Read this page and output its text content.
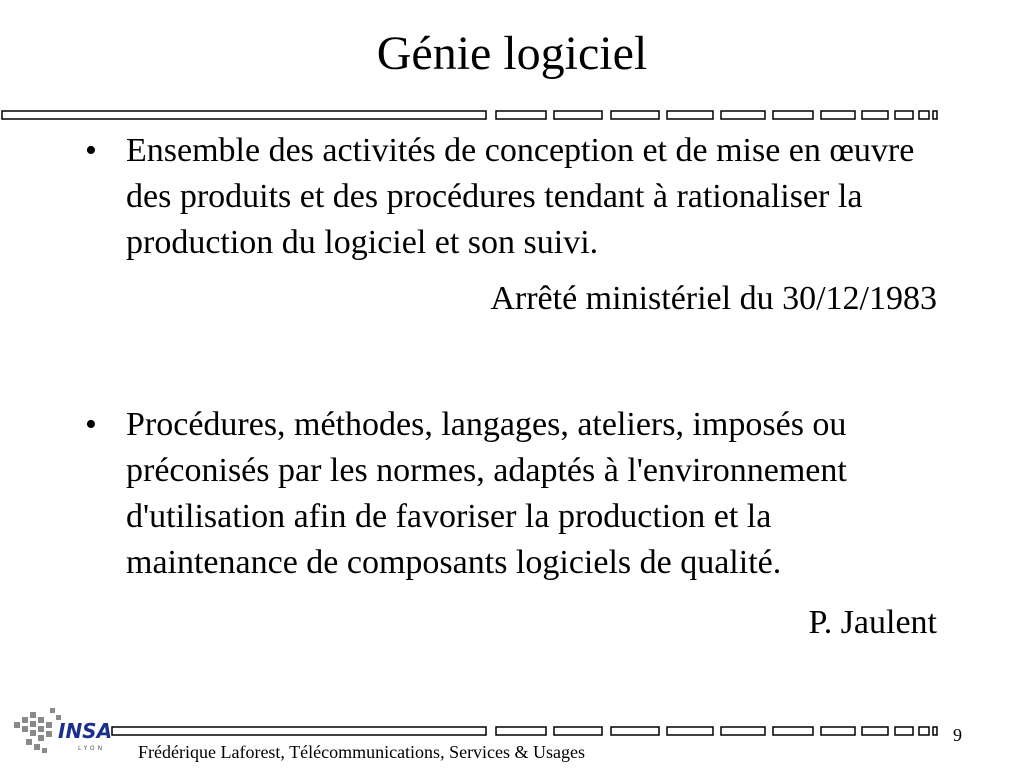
Génie logiciel
• Ensemble des activités de conception et de mise en œuvre des produits et des procédures tendant à rationaliser la production du logiciel et son suivi.
Arrêté ministériel du 30/12/1983
• Procédures, méthodes, langages, ateliers, imposés ou préconisés par les normes, adaptés à l'environnement d'utilisation afin de favoriser la production et la maintenance de composants logiciels de qualité.
P. Jaulent
INSA
LYON Frédérique Laforest, Télécommunications, Services & Usages
9
